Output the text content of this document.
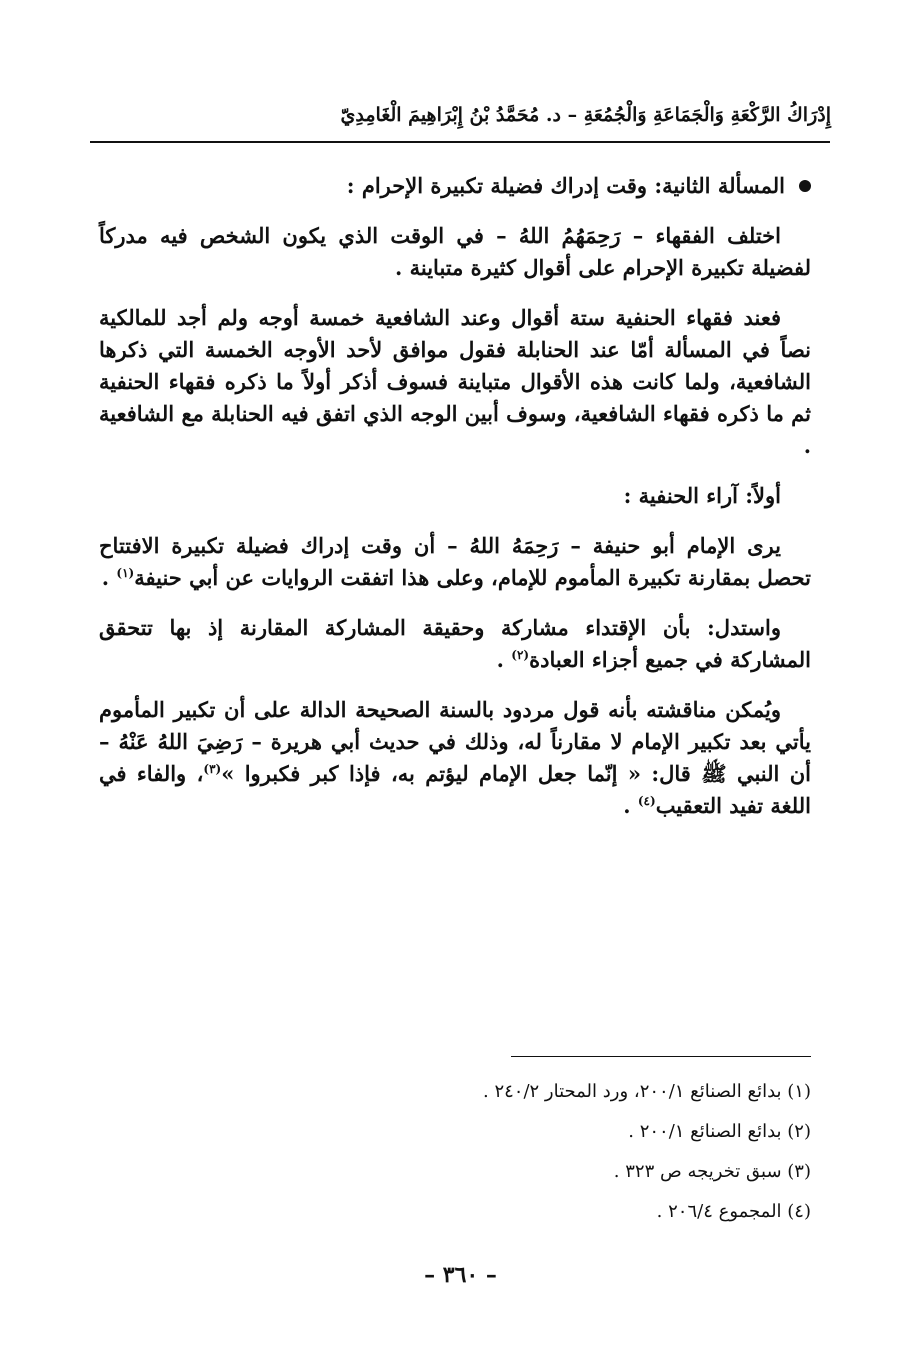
إِدْرَاكُ الرَّكْعَةِ وَالْجَمَاعَةِ وَالْجُمُعَةِ – د. مُحَمَّدُ بْنُ إِبْرَاهِيمَ الْغَامِدِيّ
المسألة الثانية: وقت إدراك فضيلة تكبيرة الإحرام :

اختلف الفقهاء – رَحِمَهُمُ اللهُ – في الوقت الذي يكون الشخص فيه مدركاً لفضيلة تكبيرة الإحرام على أقوال كثيرة متباينة .

فعند فقهاء الحنفية ستة أقوال وعند الشافعية خمسة أوجه ولم أجد للمالكية نصاً في المسألة أمّا عند الحنابلة فقول موافق لأحد الأوجه الخمسة التي ذكرها الشافعية، ولما كانت هذه الأقوال متباينة فسوف أذكر أولاً ما ذكره فقهاء الحنفية ثم ما ذكره فقهاء الشافعية، وسوف أبين الوجه الذي اتفق فيه الحنابلة مع الشافعية .

أولاً: آراء الحنفية :

يرى الإمام أبو حنيفة – رَحِمَهُ اللهُ – أن وقت إدراك فضيلة تكبيرة الافتتاح تحصل بمقارنة تكبيرة المأموم للإمام، وعلى هذا اتفقت الروايات عن أبي حنيفة$^{(١)}$ .

واستدل: بأن الإقتداء مشاركة وحقيقة المشاركة المقارنة إذ بها تتحقق المشاركة في جميع أجزاء العبادة$^{(٢)}$ .

ويُمكن مناقشته بأنه قول مردود بالسنة الصحيحة الدالة على أن تكبير المأموم يأتي بعد تكبير الإمام لا مقارناً له، وذلك في حديث أبي هريرة – رَضِيَ اللهُ عَنْهُ – أن النبي ﷺ قال: « إنّما جعل الإمام ليؤتم به، فإذا كبر فكبروا »$^{(٣)}$، والفاء في اللغة تفيد التعقيب$^{(٤)}$ .

(١) بدائع الصنائع ٢٠٠/١، ورد المحتار ٢٤٠/٢ .
(٢) بدائع الصنائع ٢٠٠/١ .
(٣) سبق تخريجه ص ٣٢٣ .
(٤) المجموع ٢٠٦/٤ .
– ٣٦٠ –
